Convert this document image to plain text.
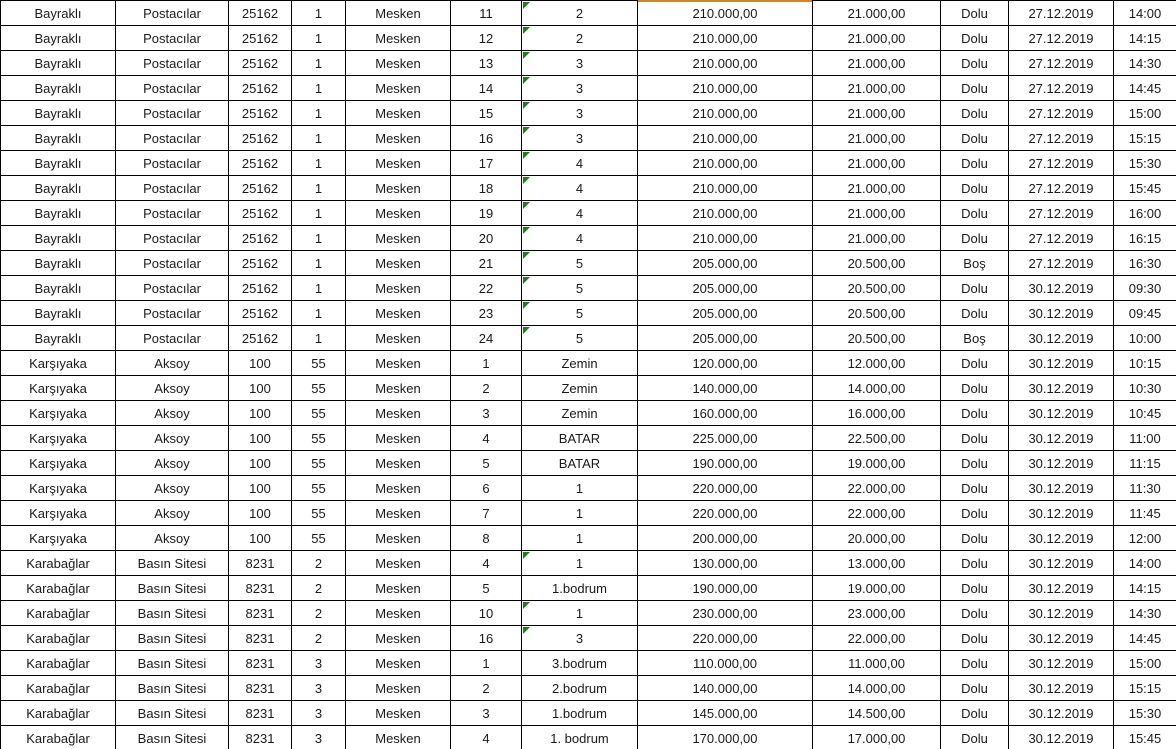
Bayraklı	Postacılar	25162	1	Mesken	11	2	210.000,00	21.000,00	Dolu	27.12.2019	14:00
Bayraklı	Postacılar	25162	1	Mesken	12	2	210.000,00	21.000,00	Dolu	27.12.2019	14:15
Bayraklı	Postacılar	25162	1	Mesken	13	3	210.000,00	21.000,00	Dolu	27.12.2019	14:30
Bayraklı	Postacılar	25162	1	Mesken	14	3	210.000,00	21.000,00	Dolu	27.12.2019	14:45
Bayraklı	Postacılar	25162	1	Mesken	15	3	210.000,00	21.000,00	Dolu	27.12.2019	15:00
Bayraklı	Postacılar	25162	1	Mesken	16	3	210.000,00	21.000,00	Dolu	27.12.2019	15:15
Bayraklı	Postacılar	25162	1	Mesken	17	4	210.000,00	21.000,00	Dolu	27.12.2019	15:30
Bayraklı	Postacılar	25162	1	Mesken	18	4	210.000,00	21.000,00	Dolu	27.12.2019	15:45
Bayraklı	Postacılar	25162	1	Mesken	19	4	210.000,00	21.000,00	Dolu	27.12.2019	16:00
Bayraklı	Postacılar	25162	1	Mesken	20	4	210.000,00	21.000,00	Dolu	27.12.2019	16:15
Bayraklı	Postacılar	25162	1	Mesken	21	5	205.000,00	20.500,00	Boş	27.12.2019	16:30
Bayraklı	Postacılar	25162	1	Mesken	22	5	205.000,00	20.500,00	Dolu	30.12.2019	09:30
Bayraklı	Postacılar	25162	1	Mesken	23	5	205.000,00	20.500,00	Dolu	30.12.2019	09:45
Bayraklı	Postacılar	25162	1	Mesken	24	5	205.000,00	20.500,00	Boş	30.12.2019	10:00
Karşıyaka	Aksoy	100	55	Mesken	1	Zemin	120.000,00	12.000,00	Dolu	30.12.2019	10:15
Karşıyaka	Aksoy	100	55	Mesken	2	Zemin	140.000,00	14.000,00	Dolu	30.12.2019	10:30
Karşıyaka	Aksoy	100	55	Mesken	3	Zemin	160.000,00	16.000,00	Dolu	30.12.2019	10:45
Karşıyaka	Aksoy	100	55	Mesken	4	BATAR	225.000,00	22.500,00	Dolu	30.12.2019	11:00
Karşıyaka	Aksoy	100	55	Mesken	5	BATAR	190.000,00	19.000,00	Dolu	30.12.2019	11:15
Karşıyaka	Aksoy	100	55	Mesken	6	1	220.000,00	22.000,00	Dolu	30.12.2019	11:30
Karşıyaka	Aksoy	100	55	Mesken	7	1	220.000,00	22.000,00	Dolu	30.12.2019	11:45
Karşıyaka	Aksoy	100	55	Mesken	8	1	200.000,00	20.000,00	Dolu	30.12.2019	12:00
Karabağlar	Basın Sitesi	8231	2	Mesken	4	1	130.000,00	13.000,00	Dolu	30.12.2019	14:00
Karabağlar	Basın Sitesi	8231	2	Mesken	5	1.bodrum	190.000,00	19.000,00	Dolu	30.12.2019	14:15
Karabağlar	Basın Sitesi	8231	2	Mesken	10	1	230.000,00	23.000,00	Dolu	30.12.2019	14:30
Karabağlar	Basın Sitesi	8231	2	Mesken	16	3	220.000,00	22.000,00	Dolu	30.12.2019	14:45
Karabağlar	Basın Sitesi	8231	3	Mesken	1	3.bodrum	110.000,00	11.000,00	Dolu	30.12.2019	15:00
Karabağlar	Basın Sitesi	8231	3	Mesken	2	2.bodrum	140.000,00	14.000,00	Dolu	30.12.2019	15:15
Karabağlar	Basın Sitesi	8231	3	Mesken	3	1.bodrum	145.000,00	14.500,00	Dolu	30.12.2019	15:30
Karabağlar	Basın Sitesi	8231	3	Mesken	4	1. bodrum	170.000,00	17.000,00	Dolu	30.12.2019	15:45
